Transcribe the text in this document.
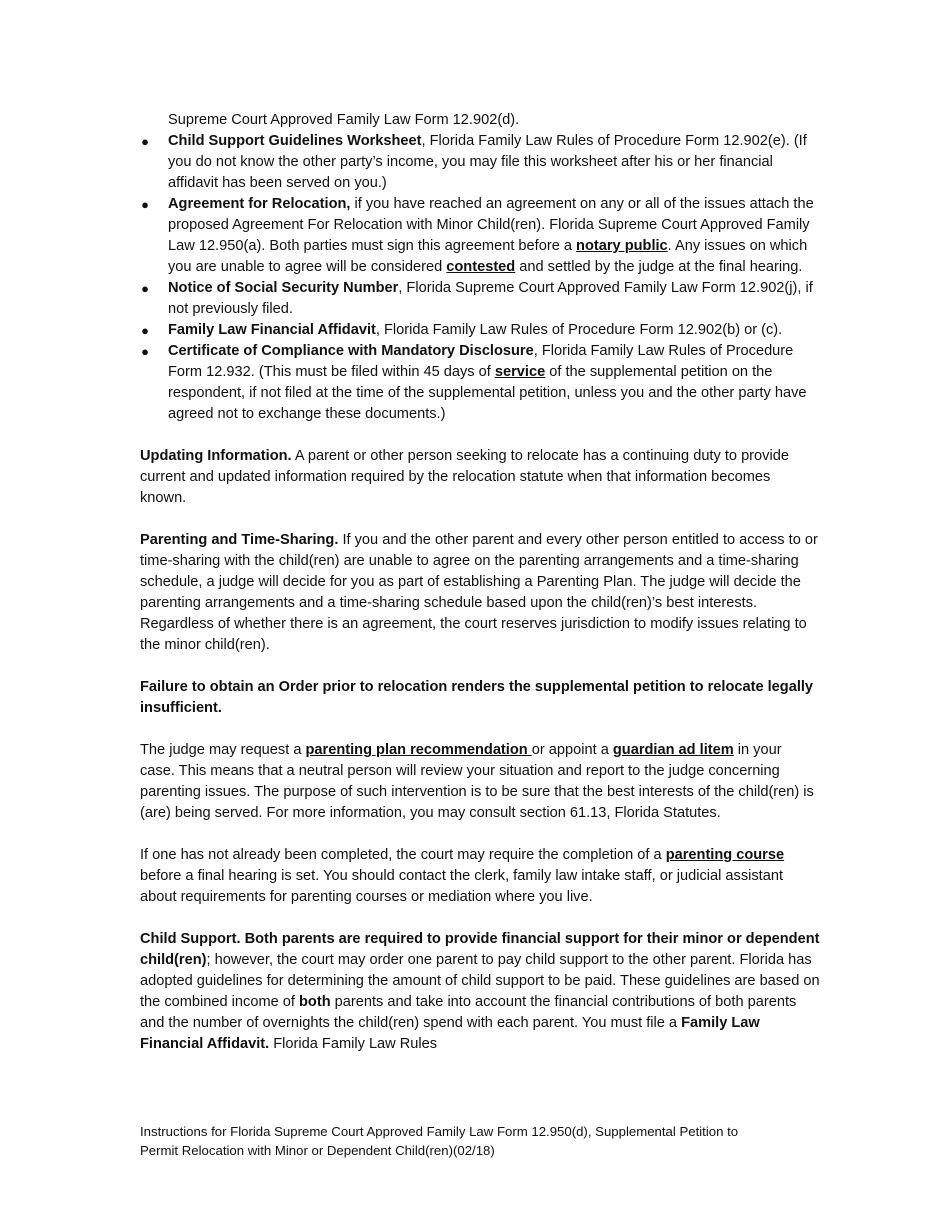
Supreme Court Approved Family Law Form 12.902(d).

● Child Support Guidelines Worksheet, Florida Family Law Rules of Procedure Form 12.902(e). (If you do not know the other party’s income, you may file this worksheet after his or her financial affidavit has been served on you.)
● Agreement for Relocation, if you have reached an agreement on any or all of the issues attach the proposed Agreement For Relocation with Minor Child(ren). Florida Supreme Court Approved Family Law 12.950(a). Both parties must sign this agreement before a notary public. Any issues on which you are unable to agree will be considered contested and settled by the judge at the final hearing.
● Notice of Social Security Number, Florida Supreme Court Approved Family Law Form 12.902(j), if not previously filed.
● Family Law Financial Affidavit, Florida Family Law Rules of Procedure Form 12.902(b) or (c).
● Certificate of Compliance with Mandatory Disclosure, Florida Family Law Rules of Procedure Form 12.932. (This must be filed within 45 days of service of the supplemental petition on the respondent, if not filed at the time of the supplemental petition, unless you and the other party have agreed not to exchange these documents.)

Updating Information. A parent or other person seeking to relocate has a continuing duty to provide current and updated information required by the relocation statute when that information becomes known.

Parenting and Time-Sharing. If you and the other parent and every other person entitled to access to or time-sharing with the child(ren) are unable to agree on the parenting arrangements and a time-sharing schedule, a judge will decide for you as part of establishing a Parenting Plan. The judge will decide the parenting arrangements and a time-sharing schedule based upon the child(ren)’s best interests. Regardless of whether there is an agreement, the court reserves jurisdiction to modify issues relating to the minor child(ren).

Failure to obtain an Order prior to relocation renders the supplemental petition to relocate legally insufficient.

The judge may request a parenting plan recommendation or appoint a guardian ad litem in your case. This means that a neutral person will review your situation and report to the judge concerning parenting issues. The purpose of such intervention is to be sure that the best interests of the child(ren) is (are) being served. For more information, you may consult section 61.13, Florida Statutes.

If one has not already been completed, the court may require the completion of a parenting course before a final hearing is set. You should contact the clerk, family law intake staff, or judicial assistant about requirements for parenting courses or mediation where you live.

Child Support. Both parents are required to provide financial support for their minor or dependent child(ren); however, the court may order one parent to pay child support to the other parent. Florida has adopted guidelines for determining the amount of child support to be paid. These guidelines are based on the combined income of both parents and take into account the financial contributions of both parents and the number of overnights the child(ren) spend with each parent. You must file a Family Law Financial Affidavit. Florida Family Law Rules

Instructions for Florida Supreme Court Approved Family Law Form 12.950(d), Supplemental Petition to
Permit Relocation with Minor or Dependent Child(ren)(02/18)
